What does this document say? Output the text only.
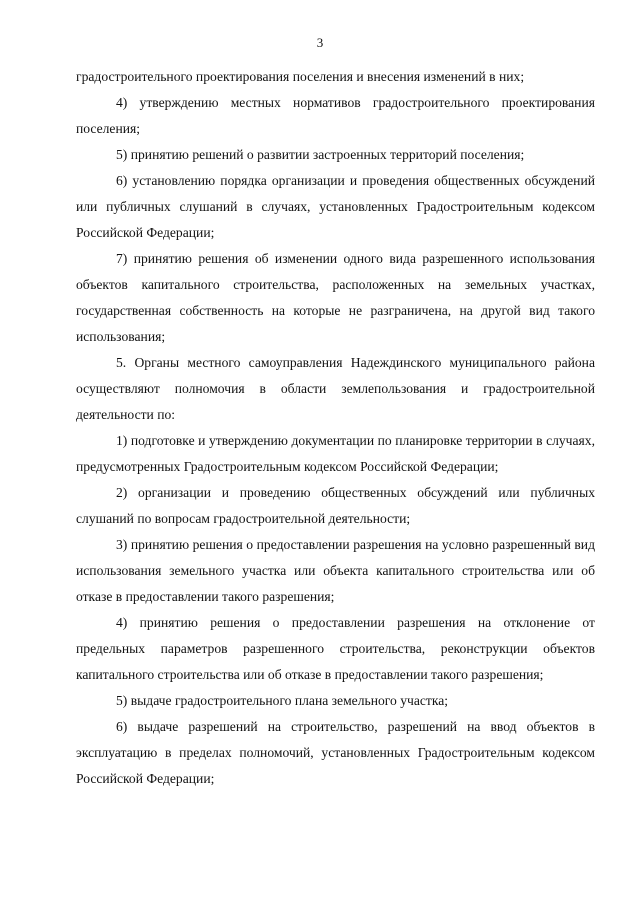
3

градостроительного проектирования поселения и внесения изменений в них;

4) утверждению местных нормативов градостроительного проектирования поселения;

5) принятию решений о развитии застроенных территорий поселения;

6) установлению порядка организации и проведения общественных обсуждений или публичных слушаний в случаях, установленных Градостроительным кодексом Российской Федерации;

7) принятию решения об изменении одного вида разрешенного использования объектов капитального строительства, расположенных на земельных участках, государственная собственность на которые не разграничена, на другой вид такого использования;

5. Органы местного самоуправления Надеждинского муниципального района осуществляют полномочия в области землепользования и градостроительной деятельности по:

1) подготовке и утверждению документации по планировке территории в случаях, предусмотренных Градостроительным кодексом Российской Федерации;

2) организации и проведению общественных обсуждений или публичных слушаний по вопросам градостроительной деятельности;

3) принятию решения о предоставлении разрешения на условно разрешенный вид использования земельного участка или объекта капитального строительства или об отказе в предоставлении такого разрешения;

4) принятию решения о предоставлении разрешения на отклонение от предельных параметров разрешенного строительства, реконструкции объектов капитального строительства или об отказе в предоставлении такого разрешения;

5) выдаче градостроительного плана земельного участка;

6) выдаче разрешений на строительство, разрешений на ввод объектов в эксплуатацию в пределах полномочий, установленных Градостроительным кодексом Российской Федерации;
